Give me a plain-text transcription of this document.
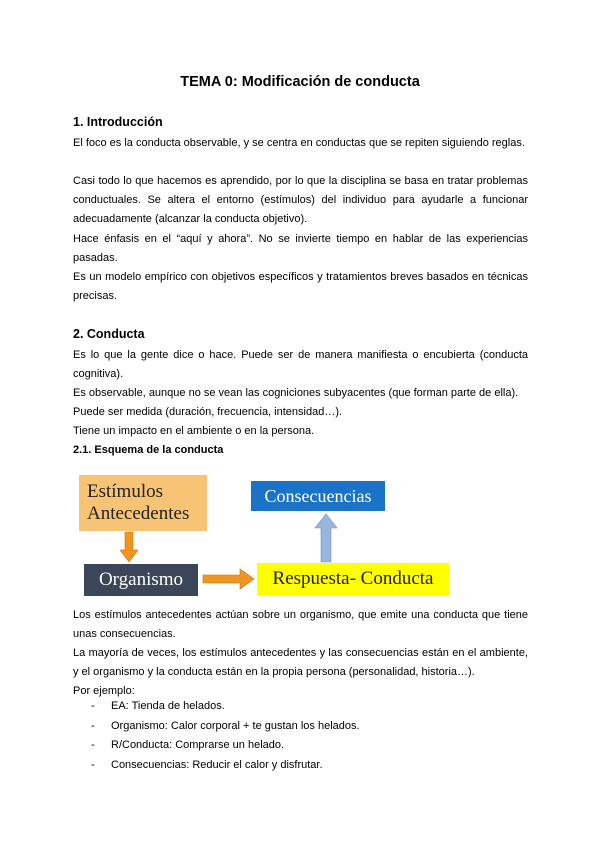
TEMA 0: Modificación de conducta
1. Introducción
El foco es la conducta observable, y se centra en conductas que se repiten siguiendo reglas.
Casi todo lo que hacemos es aprendido, por lo que la disciplina se basa en tratar problemas conductuales. Se altera el entorno (estímulos) del individuo para ayudarle a funcionar adecuadamente (alcanzar la conducta objetivo).
Hace énfasis en el “aquí y ahora”. No se invierte tiempo en hablar de las experiencias pasadas.
Es un modelo empírico con objetivos específicos y tratamientos breves basados en técnicas precisas.
2. Conducta
Es lo que la gente dice o hace. Puede ser de manera manifiesta o encubierta (conducta cognitiva).
Es observable, aunque no se vean las cogniciones subyacentes (que forman parte de ella).
Puede ser medida (duración, frecuencia, intensidad…).
Tiene un impacto en el ambiente o en la persona.
2.1. Esquema de la conducta
Estímulos
Antecedentes
Consecuencias
Organismo	Respuesta- Conducta
Los estímulos antecedentes actúan sobre un organismo, que emite una conducta que tiene unas consecuencias.
La mayoría de veces, los estímulos antecedentes y las consecuencias están en el ambiente, y el organismo y la conducta están en la propia persona (personalidad, historia…).
Por ejemplo:
- EA: Tienda de helados.
- Organismo: Calor corporal + te gustan los helados.
- R/Conducta: Comprarse un helado.
- Consecuencias: Reducir el calor y disfrutar.
